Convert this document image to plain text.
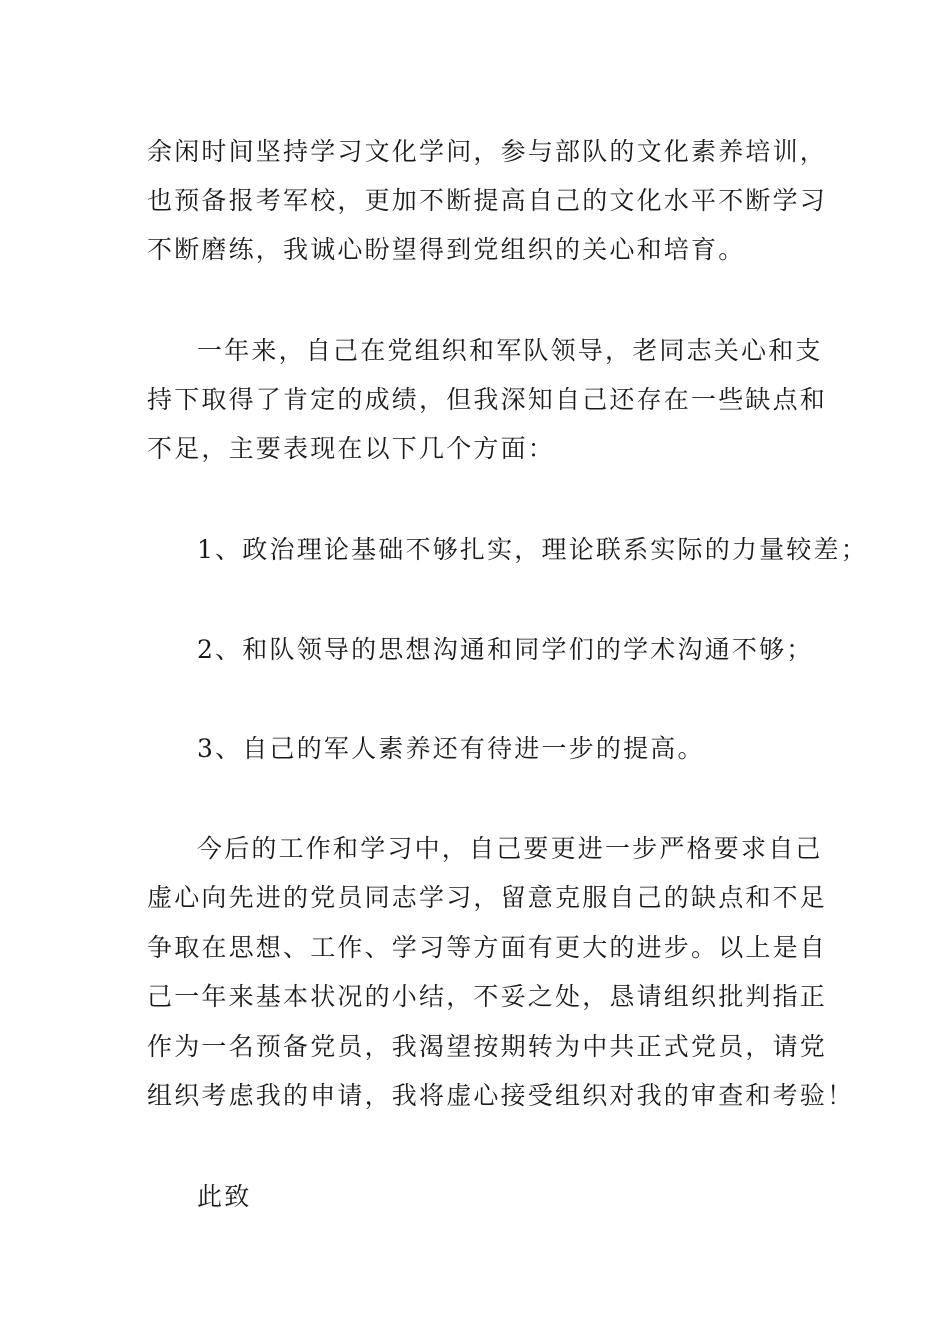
余闲时间坚持学习文化学问，参与部队的文化素养培训，
也预备报考军校，更加不断提高自己的文化水平不断学习
不断磨练，我诚心盼望得到党组织的关心和培育。
一年来，自己在党组织和军队领导，老同志关心和支
持下取得了肯定的成绩，但我深知自己还存在一些缺点和
不足，主要表现在以下几个方面：
1、政治理论基础不够扎实，理论联系实际的力量较差；
2、和队领导的思想沟通和同学们的学术沟通不够；
3、自己的军人素养还有待进一步的提高。
今后的工作和学习中，自己要更进一步严格要求自己
虚心向先进的党员同志学习，留意克服自己的缺点和不足
争取在思想、工作、学习等方面有更大的进步。以上是自
己一年来基本状况的小结，不妥之处，恳请组织批判指正
作为一名预备党员，我渴望按期转为中共正式党员，请党
组织考虑我的申请，我将虚心接受组织对我的审查和考验！
此致
